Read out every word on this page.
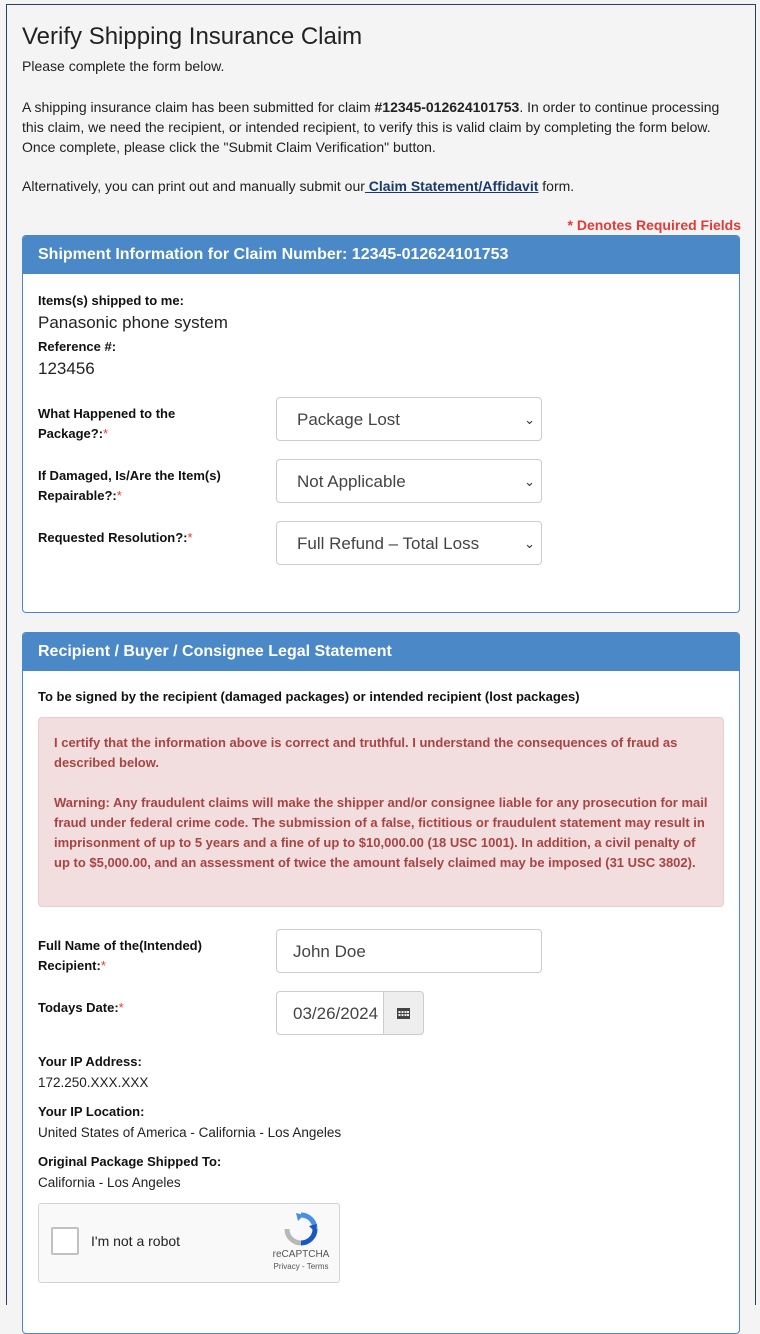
Verify Shipping Insurance Claim
Please complete the form below.
A shipping insurance claim has been submitted for claim #12345-012624101753. In order to continue processing this claim, we need the recipient, or intended recipient, to verify this is valid claim by completing the form below. Once complete, please click the "Submit Claim Verification" button.
Alternatively, you can print out and manually submit our Claim Statement/Affidavit form.
* Denotes Required Fields
Shipment Information for Claim Number: 12345-012624101753
Items(s) shipped to me:
Panasonic phone system
Reference #:
123456
What Happened to the
Package?:*
Package Lost	⌄
If Damaged, Is/Are the Item(s)
Repairable?:*
Not Applicable	⌄
Requested Resolution?:*	Full Refund – Total Loss	⌄
Recipient / Buyer / Consignee Legal Statement
To be signed by the recipient (damaged packages) or intended recipient (lost packages)

I certify that the information above is correct and truthful. I understand the consequences of fraud as described below.

Warning: Any fraudulent claims will make the shipper and/or consignee liable for any prosecution for mail fraud under federal crime code. The submission of a false, fictitious or fraudulent statement may result in imprisonment of up to 5 years and a fine of up to $10,000.00 (18 USC 1001). In addition, a civil penalty of up to $5,000.00, and an assessment of twice the amount falsely claimed may be imposed (31 USC 3802).

Full Name of the(Intended)
Recipient:*
John Doe
Todays Date:*	03/26/2024
Your IP Address:
172.250.XXX.XXX
Your IP Location:
United States of America - California - Los Angeles
Original Package Shipped To:
California - Los Angeles
I'm not a robot
reCAPTCHA
Privacy - Terms
